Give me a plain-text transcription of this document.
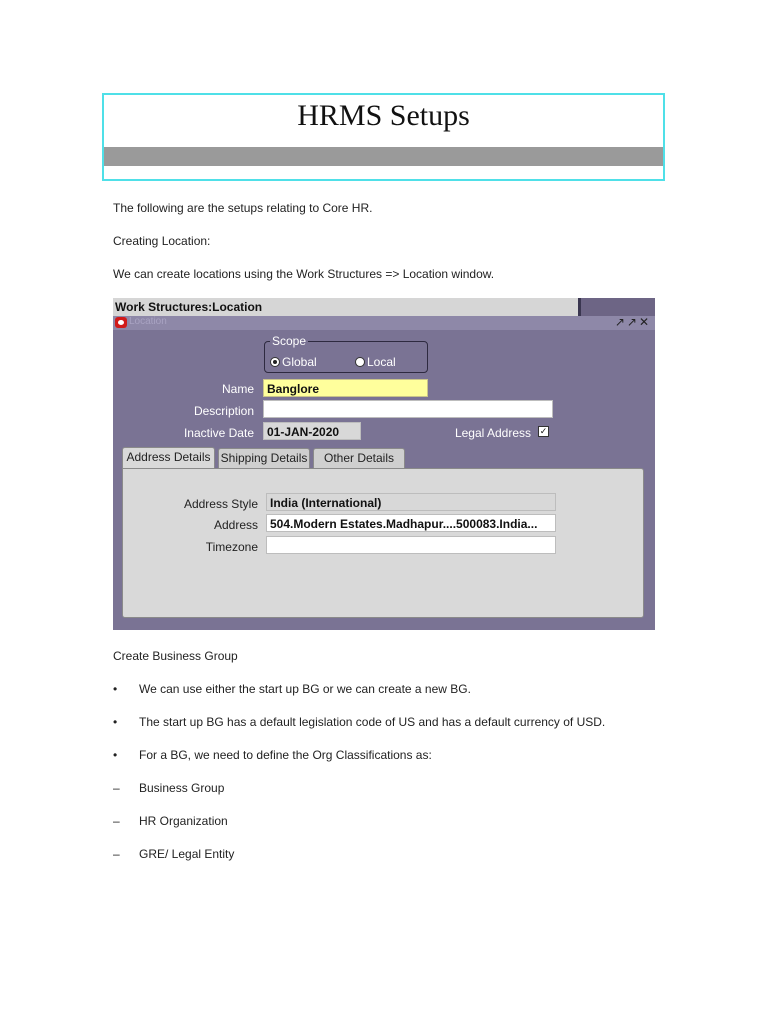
HRMS Setups
The following are the setups relating to Core HR.
Creating Location:
We can create locations using the Work Structures => Location window.
Work Structures:Location
Location	↗↗✕
Scope
Global	Local
Name	Banglore
Description
Inactive Date	01-JAN-2020	Legal Address ✓
Address Details Shipping Details	Other Details
Address Style	India (International)
Address	504.Modern Estates.Madhapur....500083.India...
Timezone
Create Business Group
• We can use either the start up BG or we can create a new BG.
• The start up BG has a default legislation code of US and has a default currency of USD.
• For a BG, we need to define the Org Classifications as:
– Business Group
– HR Organization
– GRE/ Legal Entity
